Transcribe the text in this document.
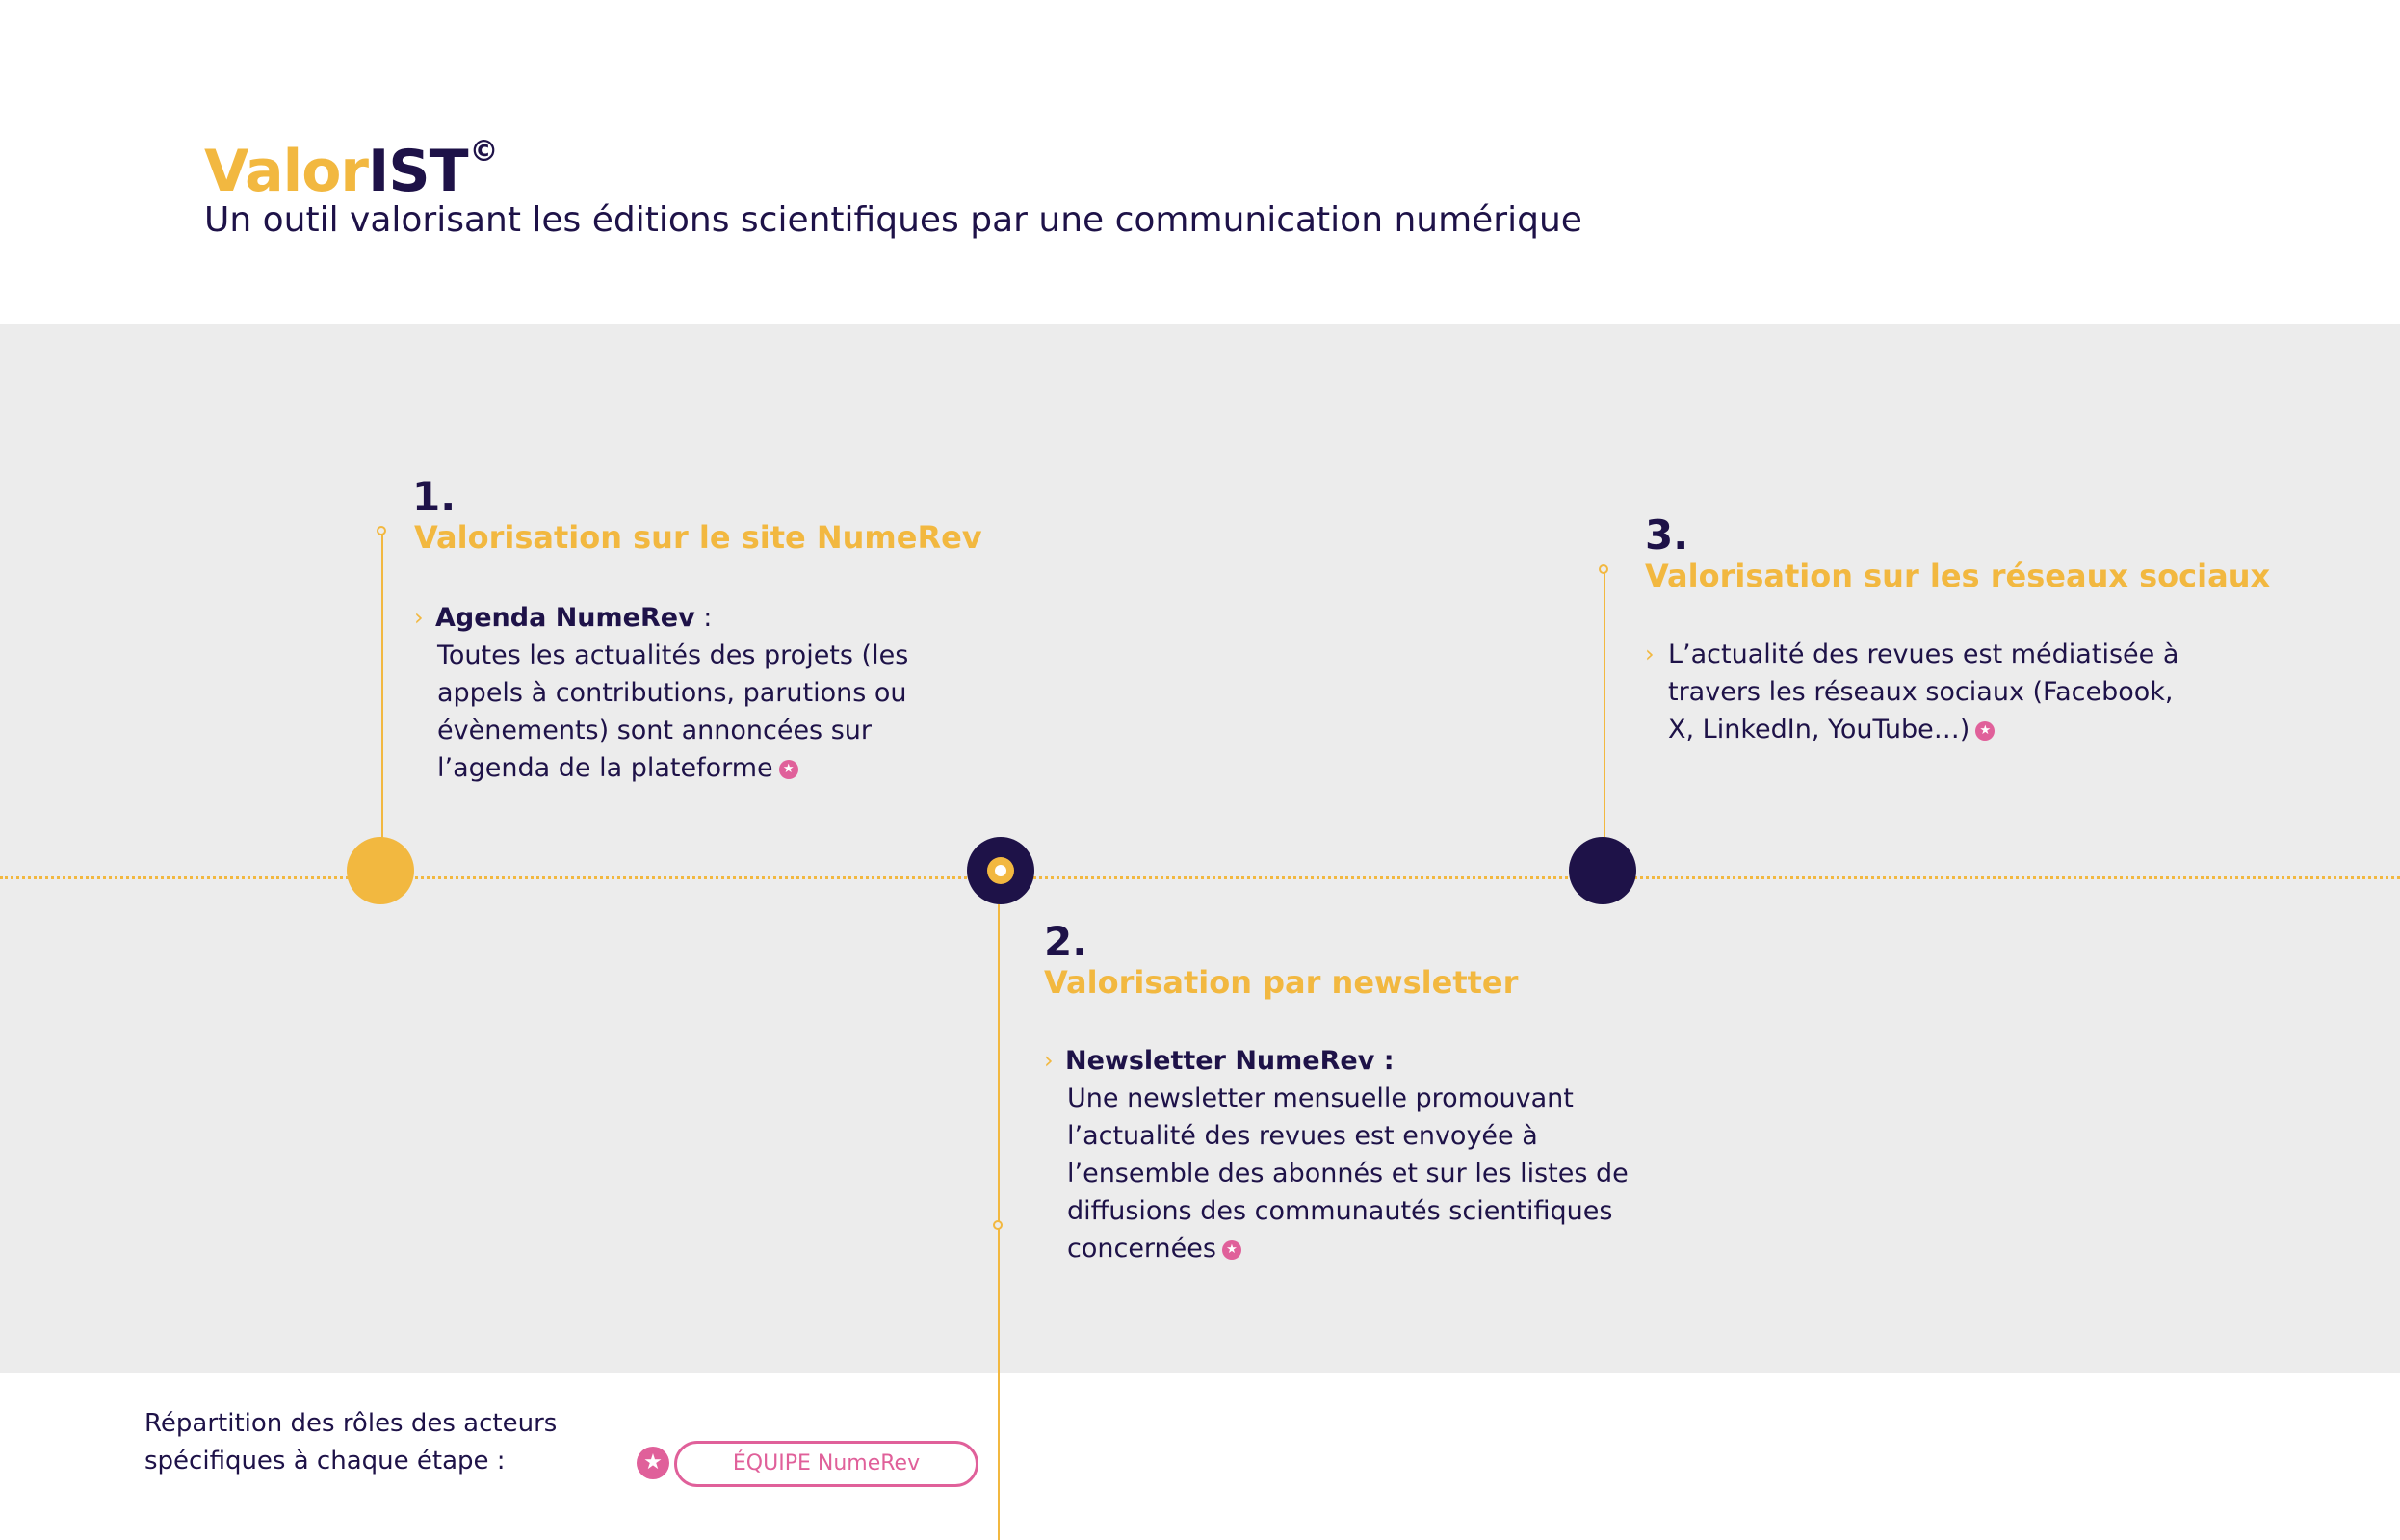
ValorIST©
Un outil valorisant les éditions scientifiques par une communication numérique
1.
Valorisation sur le site NumeRev
› Agenda NumeRev :
Toutes les actualités des projets (les appels à contributions, parutions ou évènements) sont annoncées sur l’agenda de la plateforme ★
2.
Valorisation par newsletter
› Newsletter NumeRev :
Une newsletter mensuelle promouvant l’actualité des revues est envoyée à l’ensemble des abonnés et sur les listes de diffusions des communautés scientifiques concernées ★
3.
Valorisation sur les réseaux sociaux
› L’actualité des revues est médiatisée à travers les réseaux sociaux (Facebook, X, LinkedIn, YouTube…) ★
Répartition des rôles des acteurs
spécifiques à chaque étape :	★	ÉQUIPE NumeRev
